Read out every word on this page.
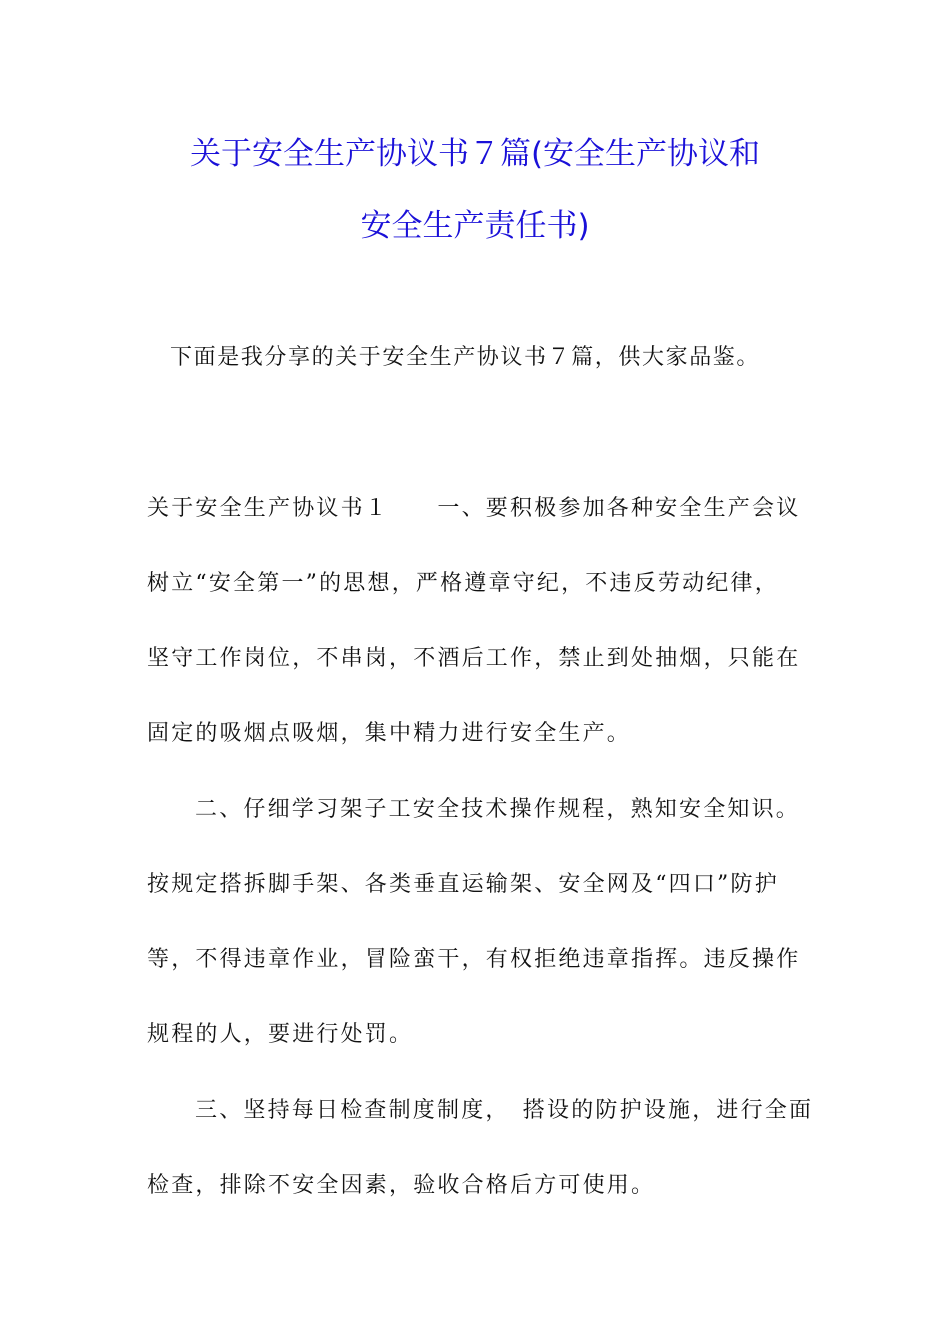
关于安全生产协议书７篇(安全生产协议和
安全生产责任书)
下面是我分享的关于安全生产协议书７篇，供大家品鉴。
关于安全生产协议书１　　一、要积极参加各种安全生产会议
树立“安全第一”的思想，严格遵章守纪，不违反劳动纪律，
坚守工作岗位，不串岗，不酒后工作，禁止到处抽烟，只能在
固定的吸烟点吸烟，集中精力进行安全生产。
二、仔细学习架子工安全技术操作规程，熟知安全知识。
按规定搭拆脚手架、各类垂直运输架、安全网及“四口”防护
等，不得违章作业，冒险蛮干，有权拒绝违章指挥。违反操作
规程的人，要进行处罚。
三、坚持每日检查制度制度，　搭设的防护设施，进行全面
检查，排除不安全因素，验收合格后方可使用。
